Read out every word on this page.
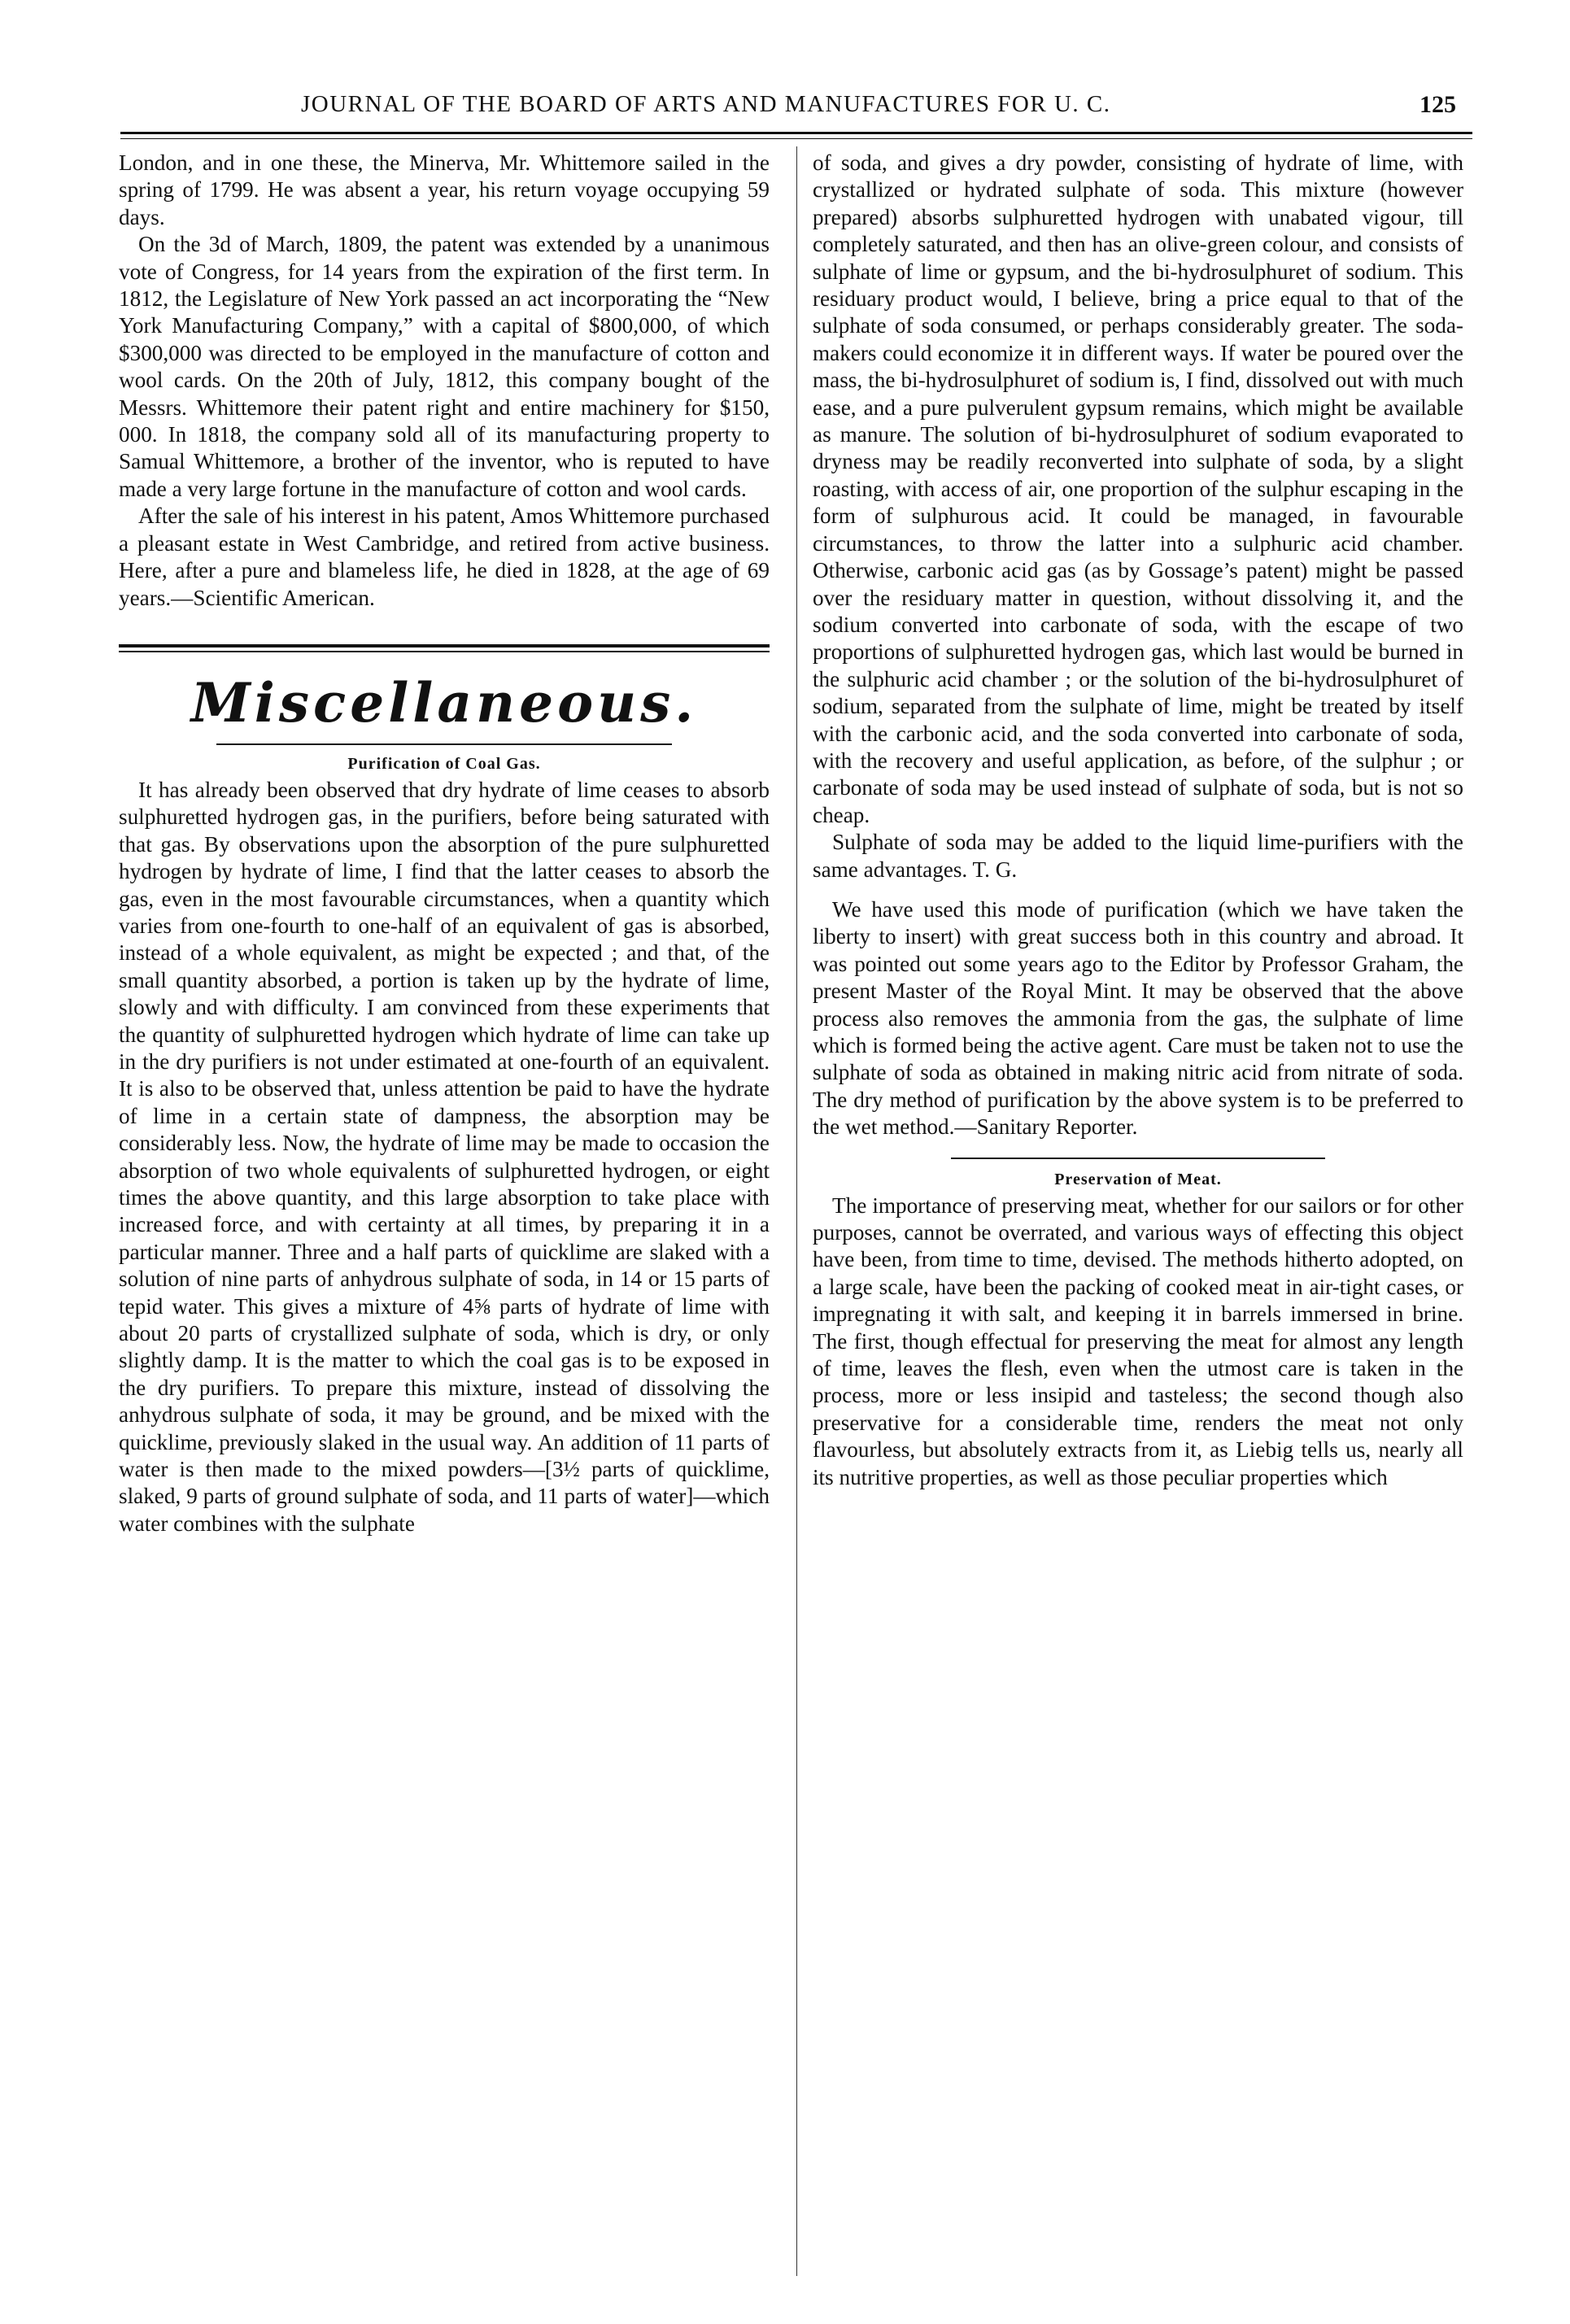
JOURNAL OF THE BOARD OF ARTS AND MANUFACTURES FOR U. C.	125

London, and in one these, the Minerva, Mr. Whittemore sailed in the spring of 1799. He was absent a year, his return voyage occupying 59 days.

On the 3d of March, 1809, the patent was extended by a unanimous vote of Congress, for 14 years from the expiration of the first term. In 1812, the Legislature of New York passed an act incorporating the “New York Manufacturing Company,” with a capital of $800,000, of which $300,000 was directed to be employed in the manufacture of cotton and wool cards. On the 20th of July, 1812, this company bought of the Messrs. Whittemore their patent right and entire machinery for $150, 000. In 1818, the company sold all of its manufacturing property to Samual Whittemore, a brother of the inventor, who is reputed to have made a very large fortune in the manufacture of cotton and wool cards.

After the sale of his interest in his patent, Amos Whittemore purchased a pleasant estate in West Cambridge, and retired from active business. Here, after a pure and blameless life, he died in 1828, at the age of 69 years.—Scientific American.

Miscellaneous.
Purification of Coal Gas.

It has already been observed that dry hydrate of lime ceases to absorb sulphuretted hydrogen gas, in the purifiers, before being saturated with that gas. By observations upon the absorption of the pure sulphuretted hydrogen by hydrate of lime, I find that the latter ceases to absorb the gas, even in the most favourable circumstances, when a quantity which varies from one-fourth to one-half of an equivalent of gas is absorbed, instead of a whole equivalent, as might be expected ; and that, of the small quantity absorbed, a portion is taken up by the hydrate of lime, slowly and with difficulty. I am convinced from these experiments that the quantity of sulphuretted hydrogen which hydrate of lime can take up in the dry purifiers is not under estimated at one-fourth of an equivalent. It is also to be observed that, unless attention be paid to have the hydrate of lime in a certain state of dampness, the absorption may be considerably less. Now, the hydrate of lime may be made to occasion the absorption of two whole equivalents of sulphuretted hydrogen, or eight times the above quantity, and this large absorption to take place with increased force, and with certainty at all times, by preparing it in a particular manner. Three and a half parts of quicklime are slaked with a solution of nine parts of anhydrous sulphate of soda, in 14 or 15 parts of tepid water. This gives a mixture of 4⅝ parts of hydrate of lime with about 20 parts of crystallized sulphate of soda, which is dry, or only slightly damp. It is the matter to which the coal gas is to be exposed in the dry purifiers. To prepare this mixture, instead of dissolving the anhydrous sulphate of soda, it may be ground, and be mixed with the quicklime, previously slaked in the usual way. An addition of 11 parts of water is then made to the mixed powders—[3½ parts of quicklime, slaked, 9 parts of ground sulphate of soda, and 11 parts of water]—which water combines with the sulphate

of soda, and gives a dry powder, consisting of hydrate of lime, with crystallized or hydrated sulphate of soda. This mixture (however prepared) absorbs sulphuretted hydrogen with unabated vigour, till completely saturated, and then has an olive-green colour, and consists of sulphate of lime or gypsum, and the bi-hydrosulphuret of sodium. This residuary product would, I believe, bring a price equal to that of the sulphate of soda consumed, or perhaps considerably greater. The soda-makers could economize it in different ways. If water be poured over the mass, the bi-hydrosulphuret of sodium is, I find, dissolved out with much ease, and a pure pulverulent gypsum remains, which might be available as manure. The solution of bi-hydrosulphuret of sodium evaporated to dryness may be readily reconverted into sulphate of soda, by a slight roasting, with access of air, one proportion of the sulphur escaping in the form of sulphurous acid. It could be managed, in favourable circumstances, to throw the latter into a sulphuric acid chamber. Otherwise, carbonic acid gas (as by Gossage’s patent) might be passed over the residuary matter in question, without dissolving it, and the sodium converted into carbonate of soda, with the escape of two proportions of sulphuretted hydrogen gas, which last would be burned in the sulphuric acid chamber ; or the solution of the bi-hydrosulphuret of sodium, separated from the sulphate of lime, might be treated by itself with the carbonic acid, and the soda converted into carbonate of soda, with the recovery and useful application, as before, of the sulphur ; or carbonate of soda may be used instead of sulphate of soda, but is not so cheap.

Sulphate of soda may be added to the liquid lime-purifiers with the same advantages. T. G.

We have used this mode of purification (which we have taken the liberty to insert) with great success both in this country and abroad. It was pointed out some years ago to the Editor by Professor Graham, the present Master of the Royal Mint. It may be observed that the above process also removes the ammonia from the gas, the sulphate of lime which is formed being the active agent. Care must be taken not to use the sulphate of soda as obtained in making nitric acid from nitrate of soda. The dry method of purification by the above system is to be preferred to the wet method.—Sanitary Reporter.

Preservation of Meat.

The importance of preserving meat, whether for our sailors or for other purposes, cannot be overrated, and various ways of effecting this object have been, from time to time, devised. The methods hitherto adopted, on a large scale, have been the packing of cooked meat in air-tight cases, or impregnating it with salt, and keeping it in barrels immersed in brine. The first, though effectual for preserving the meat for almost any length of time, leaves the flesh, even when the utmost care is taken in the process, more or less insipid and tasteless; the second though also preservative for a considerable time, renders the meat not only flavourless, but absolutely extracts from it, as Liebig tells us, nearly all its nutritive properties, as well as those peculiar properties which
